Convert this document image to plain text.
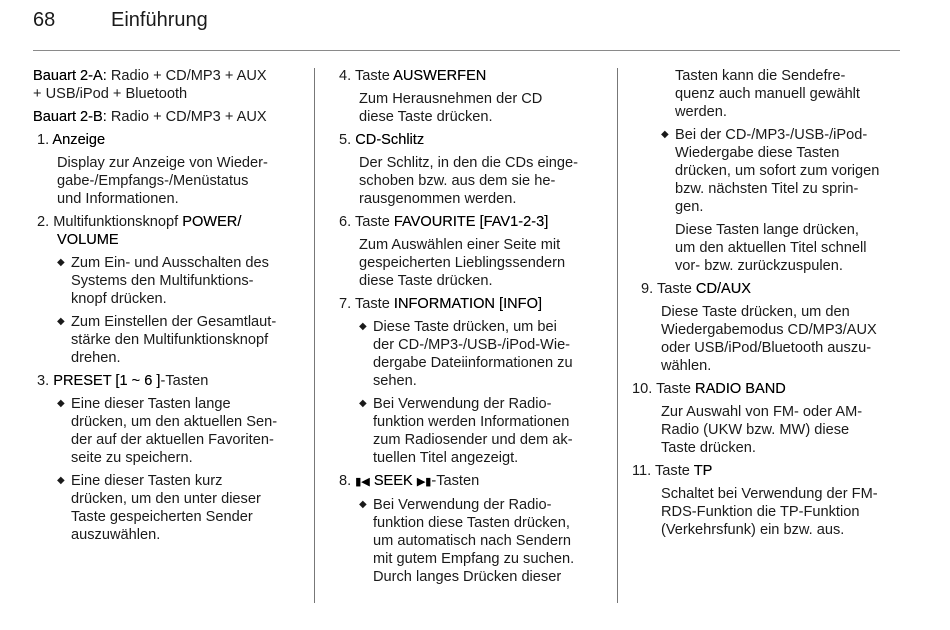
68	Einführung
Bauart 2-A: Radio + CD/MP3 + AUX
+ USB/iPod + Bluetooth
Bauart 2-B: Radio + CD/MP3 + AUX
1. Anzeige
Display zur Anzeige von Wieder-
gabe-/Empfangs-/Menüstatus
und Informationen.
2. Multifunktionsknopf POWER/
VOLUME
◆ Zum Ein- und Ausschalten des
Systems den Multifunktions-
knopf drücken.
◆ Zum Einstellen der Gesamtlaut-
stärke den Multifunktionsknopf
drehen.
3. PRESET [1 ~ 6 ]-Tasten
◆ Eine dieser Tasten lange
drücken, um den aktuellen Sen-
der auf der aktuellen Favoriten-
seite zu speichern.
◆ Eine dieser Tasten kurz
drücken, um den unter dieser
Taste gespeicherten Sender
auszuwählen.
4. Taste AUSWERFEN
Zum Herausnehmen der CD
diese Taste drücken.
5. CD-Schlitz
Der Schlitz, in den die CDs einge-
schoben bzw. aus dem sie he-
rausgenommen werden.
6. Taste FAVOURITE [FAV1-2-3]
Zum Auswählen einer Seite mit
gespeicherten Lieblingssendern
diese Taste drücken.
7. Taste INFORMATION [INFO]
◆ Diese Taste drücken, um bei
der CD-/MP3-/USB-/iPod-Wie-
dergabe Dateiinformationen zu
sehen.
◆ Bei Verwendung der Radio-
funktion werden Informationen
zum Radiosender und dem ak-
tuellen Titel angezeigt.
8. ▮◀ SEEK ▶▮-Tasten
◆ Bei Verwendung der Radio-
funktion diese Tasten drücken,
um automatisch nach Sendern
mit gutem Empfang zu suchen.
Durch langes Drücken dieser
Tasten kann die Sendefre-
quenz auch manuell gewählt
werden.
◆ Bei der CD-/MP3-/USB-/iPod-
Wiedergabe diese Tasten
drücken, um sofort zum vorigen
bzw. nächsten Titel zu sprin-
gen.
Diese Tasten lange drücken,
um den aktuellen Titel schnell
vor- bzw. zurückzuspulen.
9. Taste CD/AUX
Diese Taste drücken, um den
Wiedergabemodus CD/MP3/AUX
oder USB/iPod/Bluetooth auszu-
wählen.
10. Taste RADIO BAND
Zur Auswahl von FM- oder AM-
Radio (UKW bzw. MW) diese
Taste drücken.
11. Taste TP
Schaltet bei Verwendung der FM-
RDS-Funktion die TP-Funktion
(Verkehrsfunk) ein bzw. aus.
